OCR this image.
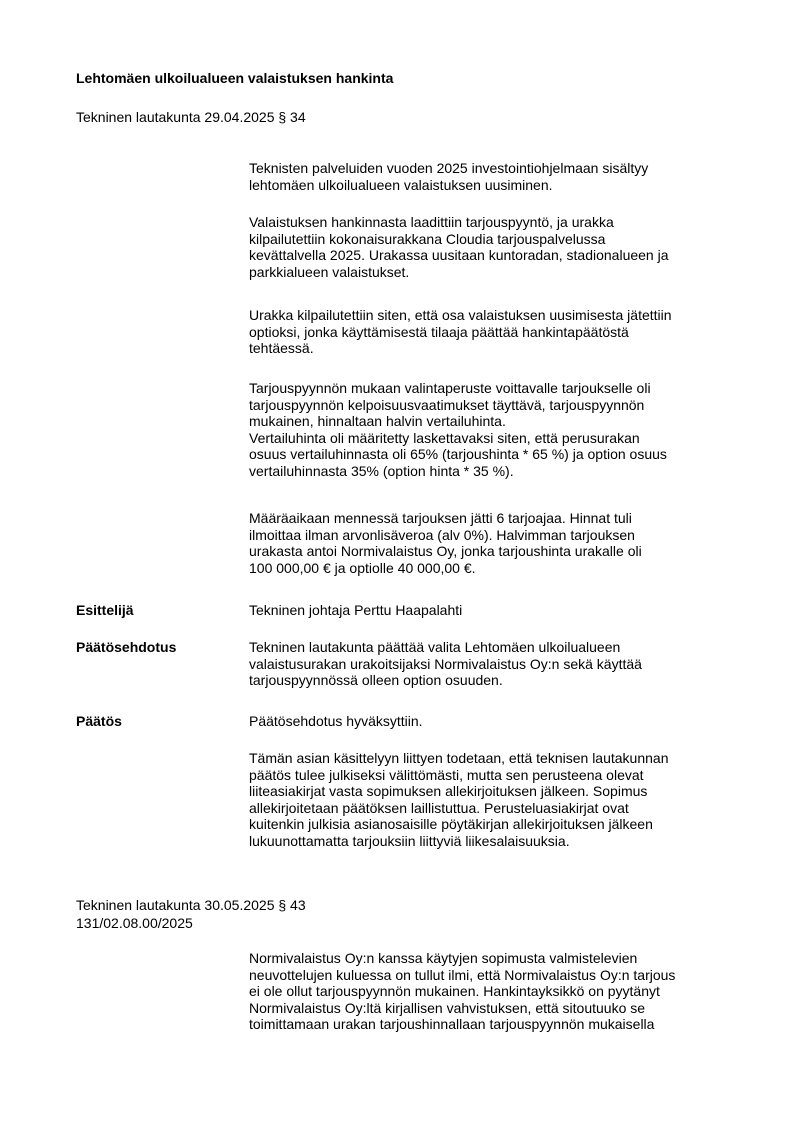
Lehtomäen ulkoilualueen valaistuksen hankinta
Tekninen lautakunta 29.04.2025 § 34
Teknisten palveluiden vuoden 2025 investointiohjelmaan sisältyy
lehtomäen ulkoilualueen valaistuksen uusiminen.
Valaistuksen hankinnasta laadittiin tarjouspyyntö, ja urakka
kilpailutettiin kokonaisurakkana Cloudia tarjouspalvelussa
kevättalvella 2025. Urakassa uusitaan kuntoradan, stadionalueen ja
parkkialueen valaistukset.
Urakka kilpailutettiin siten, että osa valaistuksen uusimisesta jätettiin
optioksi, jonka käyttämisestä tilaaja päättää hankintapäätöstä
tehtäessä.
Tarjouspyynnön mukaan valintaperuste voittavalle tarjoukselle oli
tarjouspyynnön kelpoisuusvaatimukset täyttävä, tarjouspyynnön
mukainen, hinnaltaan halvin vertailuhinta.
Vertailuhinta oli määritetty laskettavaksi siten, että perusurakan
osuus vertailuhinnasta oli 65% (tarjoushinta * 65 %) ja option osuus
vertailuhinnasta 35% (option hinta * 35 %).
Määräaikaan mennessä tarjouksen jätti 6 tarjoajaa. Hinnat tuli
ilmoittaa ilman arvonlisäveroa (alv 0%). Halvimman tarjouksen
urakasta antoi Normivalaistus Oy, jonka tarjoushinta urakalle oli
100 000,00 € ja optiolle 40 000,00 €.
Esittelijä	Tekninen johtaja Perttu Haapalahti
Päätösehdotus	Tekninen lautakunta päättää valita Lehtomäen ulkoilualueen
valaistusurakan urakoitsijaksi Normivalaistus Oy:n sekä käyttää
tarjouspyynnössä olleen option osuuden.
Päätös	Päätösehdotus hyväksyttiin.
Tämän asian käsittelyyn liittyen todetaan, että teknisen lautakunnan
päätös tulee julkiseksi välittömästi, mutta sen perusteena olevat
liiteasiakirjat vasta sopimuksen allekirjoituksen jälkeen. Sopimus
allekirjoitetaan päätöksen laillistuttua. Perusteluasiakirjat ovat
kuitenkin julkisia asianosaisille pöytäkirjan allekirjoituksen jälkeen
lukuunottamatta tarjouksiin liittyviä liikesalaisuuksia.
Tekninen lautakunta 30.05.2025 § 43
131/02.08.00/2025
Normivalaistus Oy:n kanssa käytyjen sopimusta valmistelevien
neuvottelujen kuluessa on tullut ilmi, että Normivalaistus Oy:n tarjous
ei ole ollut tarjouspyynnön mukainen. Hankintayksikkö on pyytänyt
Normivalaistus Oy:ltä kirjallisen vahvistuksen, että sitoutuuko se
toimittamaan urakan tarjoushinnallaan tarjouspyynnön mukaisella
